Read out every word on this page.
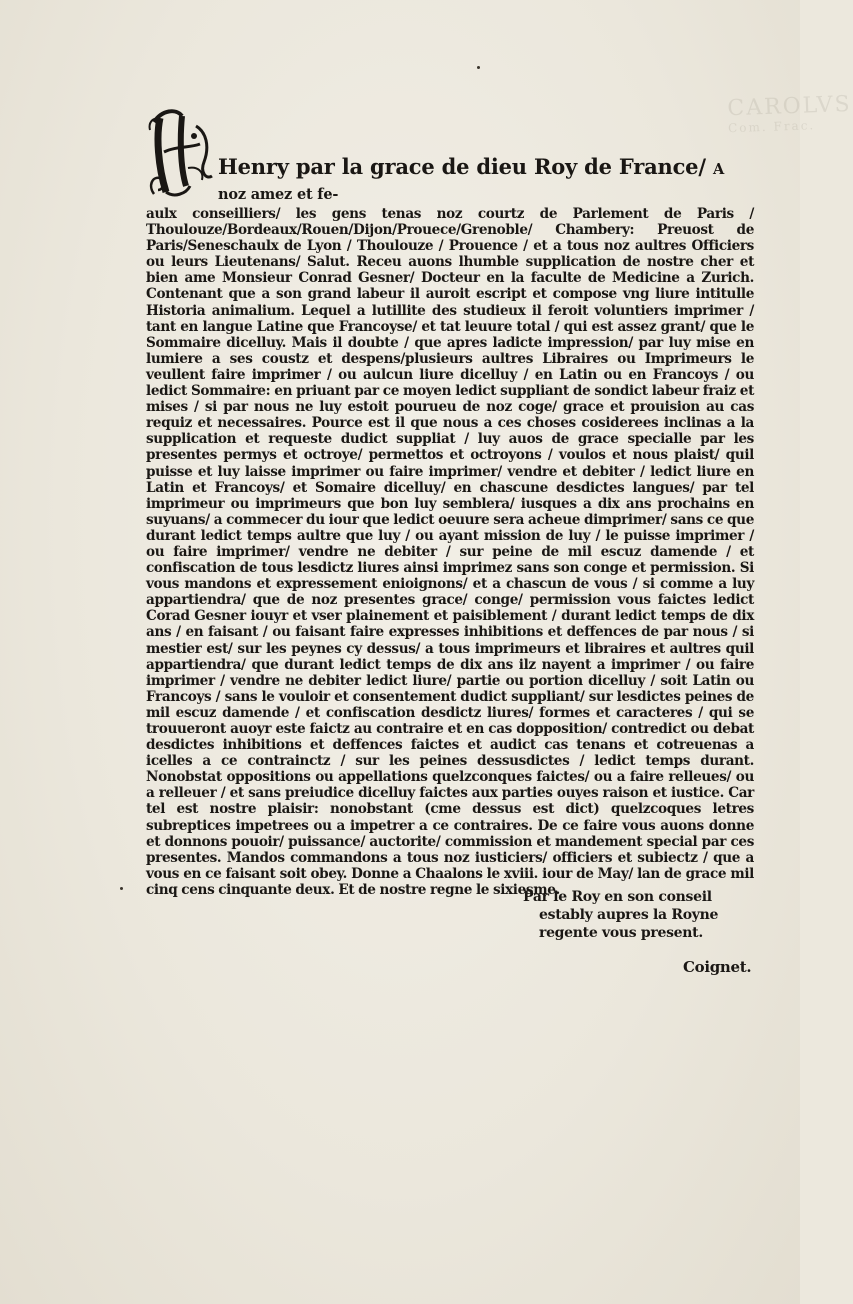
CAROLVS
Com. Frac.
Henry par la grace de dieu Roy de France/ A noz amez et fe-
aulx conseilliers/ les gens tenas noz courtz de Parlement de Paris / Thoulouze/Bordeaux/Rouen/Dijon/Prouece/Grenoble/ Chambery: Preuost de Paris/Seneschaulx de Lyon / Thoulouze / Prouence / et a tous noz aultres Officiers ou leurs Lieutenans/ Salut. Receu auons lhumble supplication de nostre cher et bien ame Monsieur Conrad Gesner/ Docteur en la faculte de Medicine a Zurich. Contenant que a son grand labeur il auroit escript et compose vng liure intitulle Historia animalium. Lequel a lutillite des studieux il feroit voluntiers imprimer / tant en langue Latine que Francoyse/ et tat leuure total / qui est assez grant/ que le Sommaire dicelluy. Mais il doubte / que apres ladicte impression/ par luy mise en lumiere a ses coustz et despens/plusieurs aultres Libraires ou Imprimeurs le veullent faire imprimer / ou aulcun liure dicelluy / en Latin ou en Francoys / ou ledict Sommaire: en priuant par ce moyen ledict suppliant de sondict labeur fraiz et mises / si par nous ne luy estoit pourueu de noz coge/ grace et prouision au cas requiz et necessaires. Pource est il que nous a ces choses cosiderees inclinas a la supplication et requeste dudict suppliat / luy auos de grace specialle par les presentes permys et octroye/ permettos et octroyons / voulos et nous plaist/ quil puisse et luy laisse imprimer ou faire imprimer/ vendre et debiter / ledict liure en Latin et Francoys/ et Somaire dicelluy/ en chascune desdictes langues/ par tel imprimeur ou imprimeurs que bon luy semblera/ iusques a dix ans prochains en suyuans/ a commecer du iour que ledict oeuure sera acheue dimprimer/ sans ce que durant ledict temps aultre que luy / ou ayant mission de luy / le puisse imprimer / ou faire imprimer/ vendre ne debiter / sur peine de mil escuz damende / et confiscation de tous lesdictz liures ainsi imprimez sans son conge et permission. Si vous mandons et expressement enioignons/ et a chascun de vous / si comme a luy appartiendra/ que de noz presentes grace/ conge/ permission vous faictes ledict Corad Gesner iouyr et vser plainement et paisiblement / durant ledict temps de dix ans / en faisant / ou faisant faire expresses inhibitions et deffences de par nous / si mestier est/ sur les peynes cy dessus/ a tous imprimeurs et libraires et aultres quil appartiendra/ que durant ledict temps de dix ans ilz nayent a imprimer / ou faire imprimer / vendre ne debiter ledict liure/ partie ou portion dicelluy / soit Latin ou Francoys / sans le vouloir et consentement dudict suppliant/ sur lesdictes peines de mil escuz damende / et confiscation desdictz liures/ formes et caracteres / qui se trouueront auoyr este faictz au contraire et en cas dopposition/ contredict ou debat desdictes inhibitions et deffences faictes et audict cas tenans et cotreuenas a icelles a ce contrainctz / sur les peines dessusdictes / ledict temps durant. Nonobstat oppositions ou appellations quelzconques faictes/ ou a faire relleues/ ou a relleuer / et sans preiudice dicelluy faictes aux parties ouyes raison et iustice. Car tel est nostre plaisir: nonobstant (cme dessus est dict) quelzcoques letres subreptices impetrees ou a impetrer a ce contraires. De ce faire vous auons donne et donnons pouoir/ puissance/ auctorite/ commission et mandement special par ces presentes. Mandos commandons a tous noz iusticiers/ officiers et subiectz / que a vous en ce faisant soit obey. Donne a Chaalons le xviii. iour de May/ lan de grace mil cinq cens cinquante deux. Et de nostre regne le sixiesme.
Par le Roy en son conseil
estably aupres la Royne
regente vous present.
Coignet.
